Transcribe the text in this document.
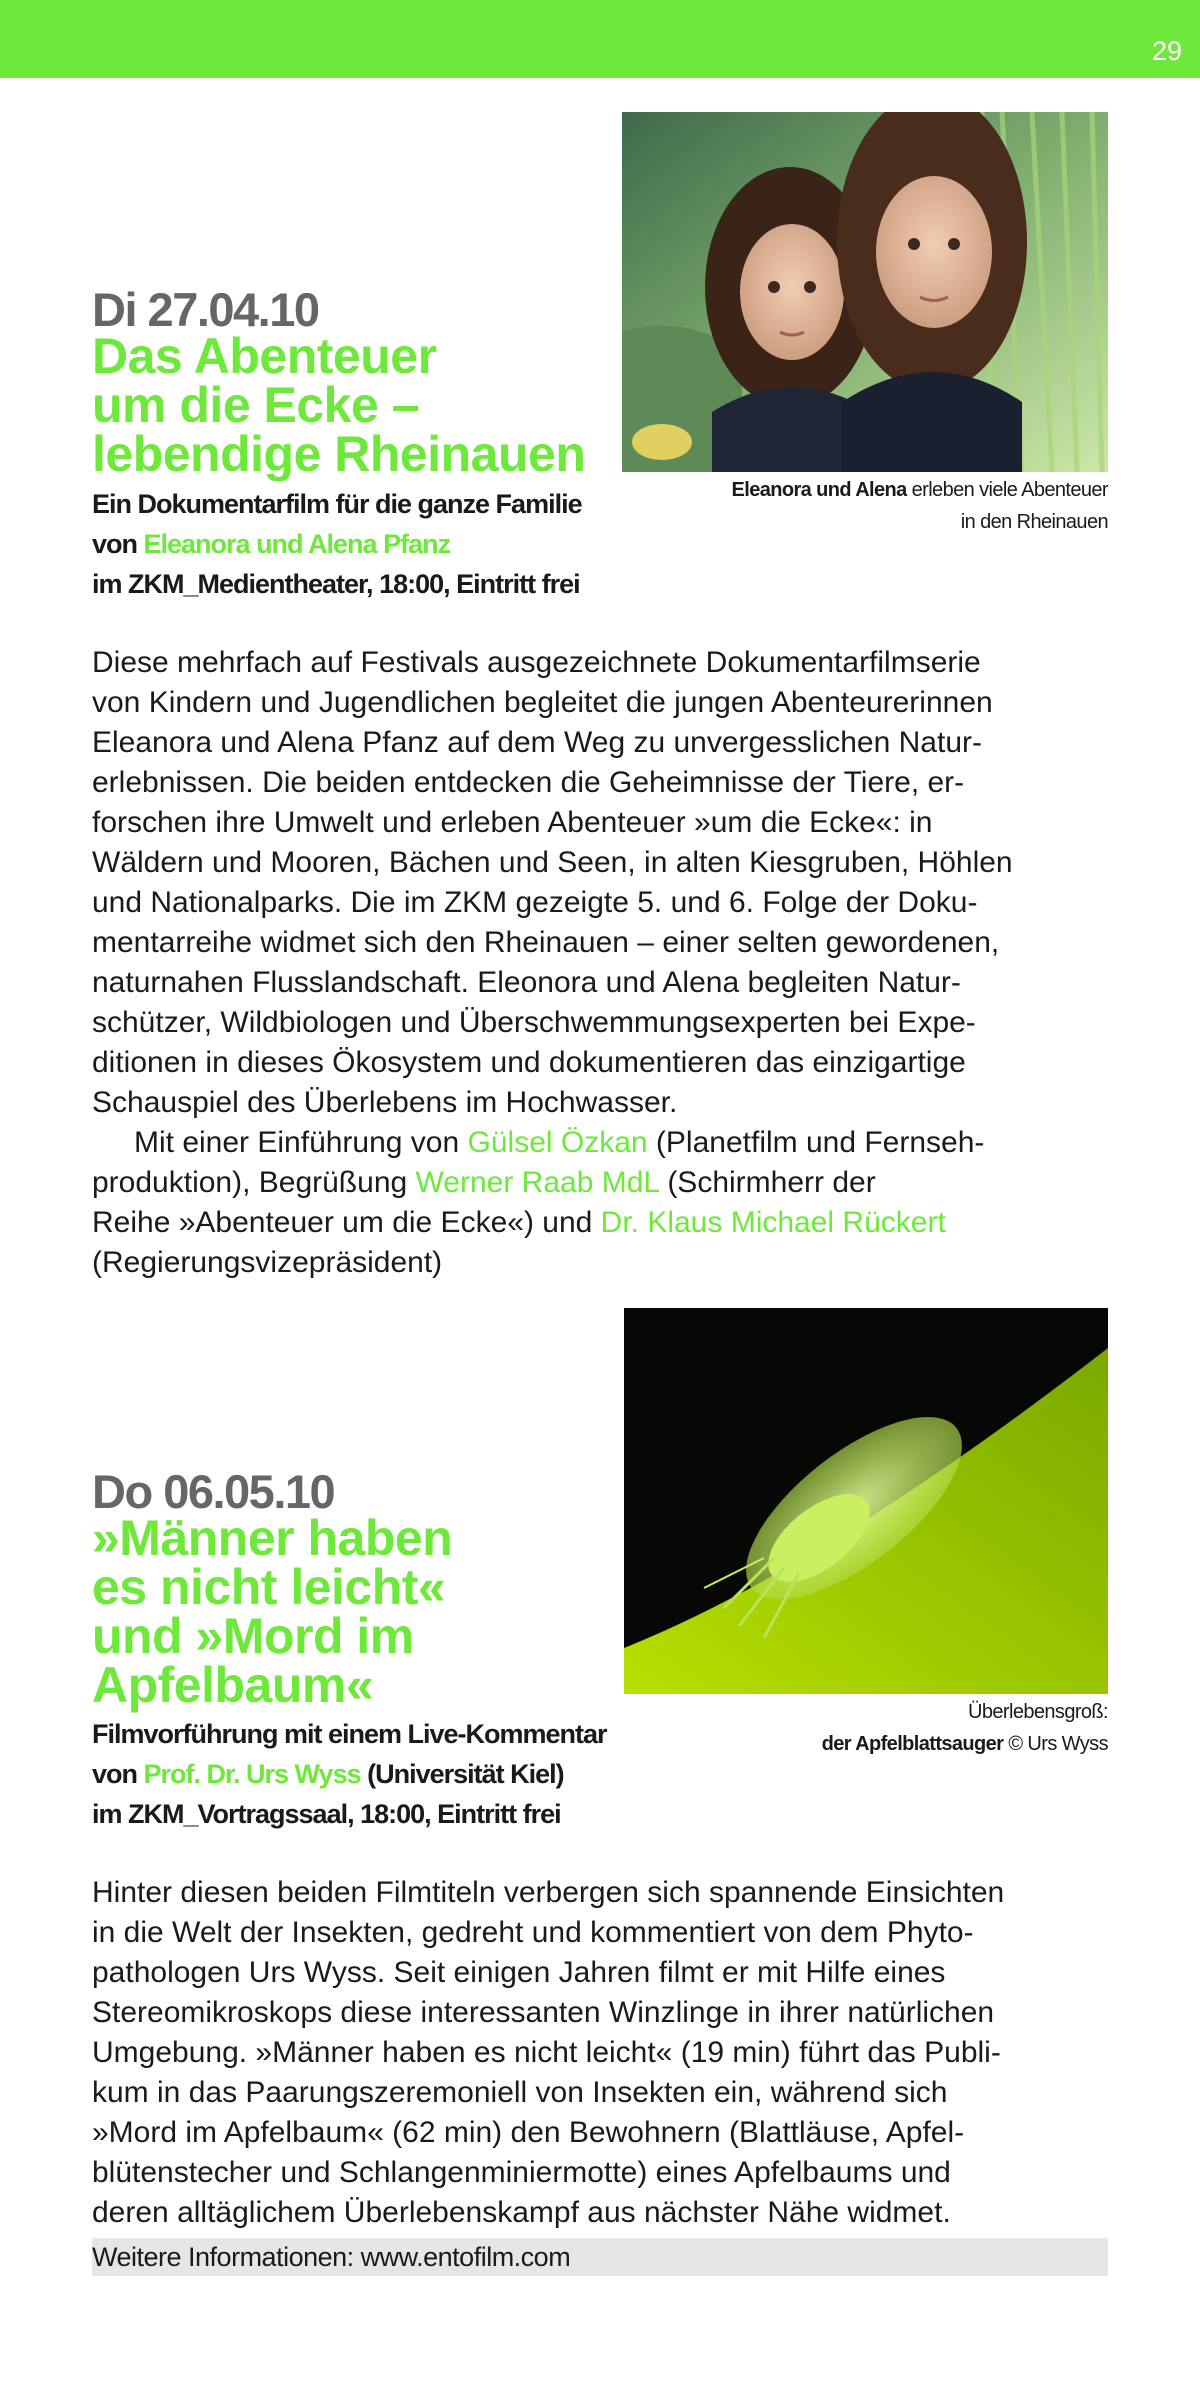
29
Eleanora und Alena erleben viele Abenteuer
in den Rheinauen
Di 27.04.10
Das Abenteuer
um die Ecke –
lebendige Rheinauen
Ein Dokumentarfilm für die ganze Familie
von Eleanora und Alena Pfanz
im ZKM_Medientheater, 18:00, Eintritt frei
Diese mehrfach auf Festivals ausgezeichnete Dokumentarfilmserie
von Kindern und Jugendlichen begleitet die jungen Abenteurerinnen
Eleanora und Alena Pfanz auf dem Weg zu unvergesslichen Natur-
erlebnissen. Die beiden entdecken die Geheimnisse der Tiere, er-
forschen ihre Umwelt und erleben Abenteuer »um die Ecke«: in
Wäldern und Mooren, Bächen und Seen, in alten Kiesgruben, Höhlen
und Nationalparks. Die im ZKM gezeigte 5. und 6. Folge der Doku-
mentarreihe widmet sich den Rheinauen – einer selten gewordenen,
naturnahen Flusslandschaft. Eleonora und Alena begleiten Natur-
schützer, Wildbiologen und Überschwemmungsexperten bei Expe-
ditionen in dieses Ökosystem und dokumentieren das einzigartige
Schauspiel des Überlebens im Hochwasser.
Mit einer Einführung von Gülsel Özkan (Planetfilm und Fernseh-
produktion), Begrüßung Werner Raab MdL (Schirmherr der
Reihe »Abenteuer um die Ecke«) und Dr. Klaus Michael Rückert
(Regierungsvizepräsident)
Überlebensgroß:
der Apfelblattsauger © Urs Wyss
Do 06.05.10
»Männer haben
es nicht leicht«
und »Mord im
Apfelbaum«
Filmvorführung mit einem Live-Kommentar
von Prof. Dr. Urs Wyss (Universität Kiel)
im ZKM_Vortragssaal, 18:00, Eintritt frei
Hinter diesen beiden Filmtiteln verbergen sich spannende Einsichten
in die Welt der Insekten, gedreht und kommentiert von dem Phyto-
pathologen Urs Wyss. Seit einigen Jahren filmt er mit Hilfe eines
Stereomikroskops diese interessanten Winzlinge in ihrer natürlichen
Umgebung. »Männer haben es nicht leicht« (19 min) führt das Publi-
kum in das Paarungszeremoniell von Insekten ein, während sich
»Mord im Apfelbaum« (62 min) den Bewohnern (Blattläuse, Apfel-
blütenstecher und Schlangenminiermotte) eines Apfelbaums und
deren alltäglichem Überlebenskampf aus nächster Nähe widmet.
Weitere Informationen: www.entofilm.com
